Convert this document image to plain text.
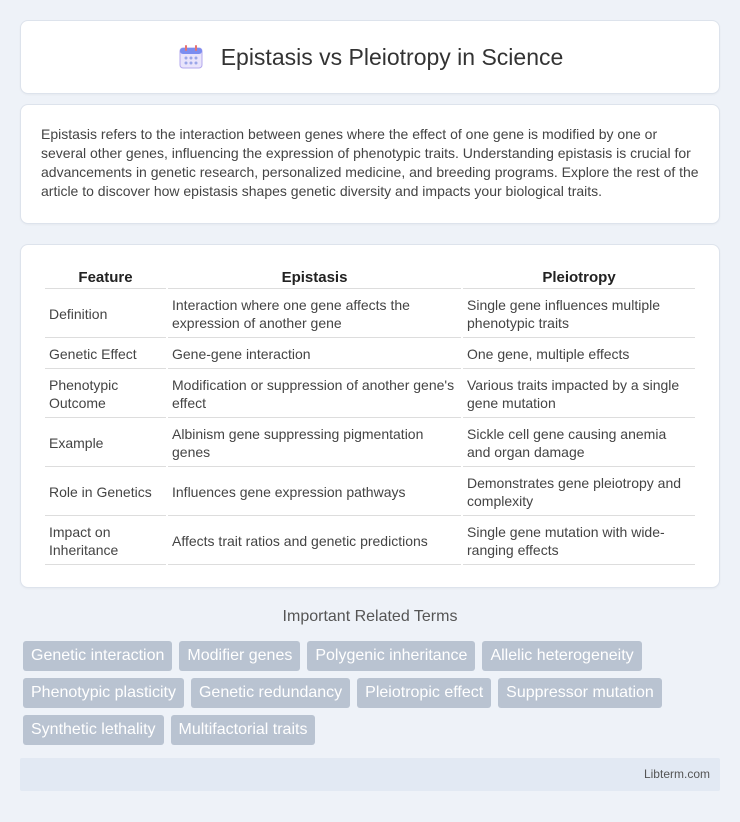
Epistasis vs Pleiotropy in Science

Epistasis refers to the interaction between genes where the effect of one gene is modified by one or several other genes, influencing the expression of phenotypic traits. Understanding epistasis is crucial for advancements in genetic research, personalized medicine, and breeding programs. Explore the rest of the article to discover how epistasis shapes genetic diversity and impacts your biological traits.

Feature	Epistasis	Pleiotropy
Definition	Interaction where one gene affects the expression of another gene	Single gene influences multiple phenotypic traits
Genetic Effect	Gene-gene interaction	One gene, multiple effects
Phenotypic Outcome	Modification or suppression of another gene's effect	Various traits impacted by a single gene mutation
Example	Albinism gene suppressing pigmentation genes	Sickle cell gene causing anemia and organ damage
Role in Genetics	Influences gene expression pathways	Demonstrates gene pleiotropy and complexity
Impact on Inheritance	Affects trait ratios and genetic predictions	Single gene mutation with wide-ranging effects
Important Related Terms
Genetic interaction	Modifier genes	Polygenic inheritance	Allelic heterogeneity
Phenotypic plasticity	Genetic redundancy	Pleiotropic effect	Suppressor mutation
Synthetic lethality	Multifactorial traits
Libterm.com
